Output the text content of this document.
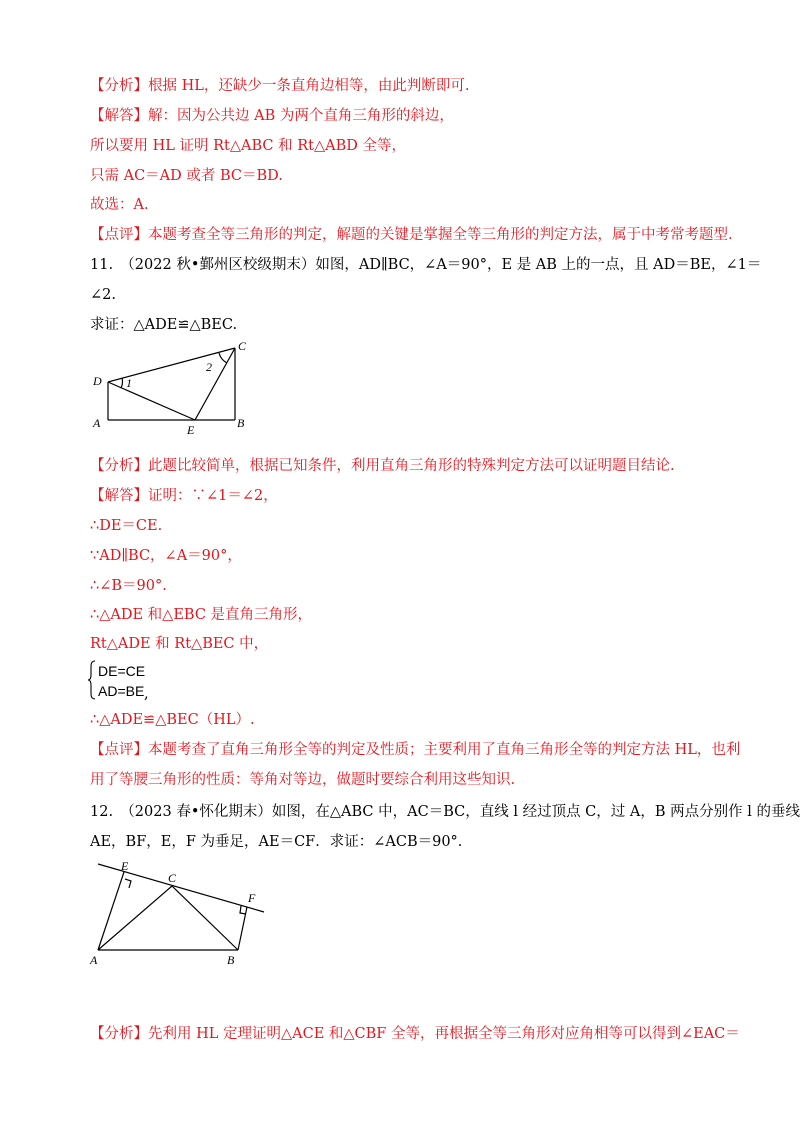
【分析】根据 HL，还缺少一条直角边相等，由此判断即可.
【解答】解：因为公共边 AB 为两个直角三角形的斜边，
所以要用 HL 证明 Rt△ABC 和 Rt△ABD 全等，
只需 AC＝AD 或者 BC＝BD.
故选：A.
【点评】本题考查全等三角形的判定，解题的关键是掌握全等三角形的判定方法，属于中考常考题型.
11.　（2022 秋•鄞州区校级期末）如图，AD∥BC，∠A＝90°，E 是 AB 上的一点，且 AD＝BE，∠1＝
∠2.
求证：△ADE≌△BEC.
C
D
A	B
E
1
2
【分析】此题比较简单，根据已知条件，利用直角三角形的特殊判定方法可以证明题目结论.
【解答】证明：∵∠1＝∠2，
∴DE＝CE.
∵AD∥BC，∠A＝90°，
∴∠B＝90°.
∴△ADE 和△EBC 是直角三角形，
Rt△ADE 和 Rt△BEC 中，
DE=CE
AD=BE ,
∴△ADE≌△BEC（HL）.
【点评】本题考查了直角三角形全等的判定及性质；主要利用了直角三角形全等的判定方法 HL，也利
用了等腰三角形的性质：等角对等边，做题时要综合利用这些知识.
12.　（2023 春•怀化期末）如图，在△ABC 中，AC＝BC，直线 l 经过顶点 C，过 A，B 两点分别作 l 的垂线
AE，BF，E，F 为垂足，AE＝CF．求证：∠ACB＝90°.
E
C
F
A	B
【分析】先利用 HL 定理证明△ACE 和△CBF 全等，再根据全等三角形对应角相等可以得到∠EAC＝
